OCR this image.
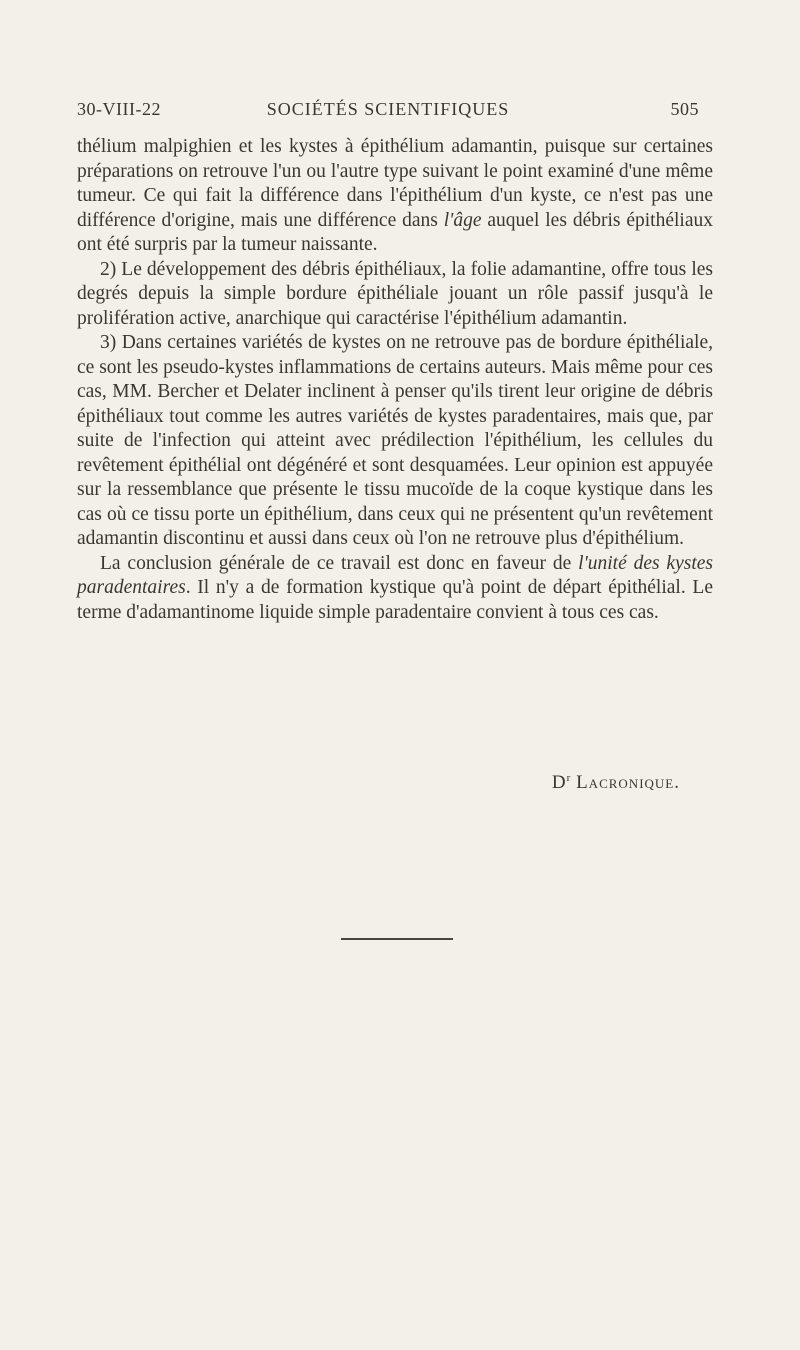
30-VIII-22	SOCIÉTÉS SCIENTIFIQUES	505

thélium malpighien et les kystes à épithélium adamantin, puisque sur certaines préparations on retrouve l'un ou l'autre type suivant le point examiné d'une même tumeur. Ce qui fait la différence dans l'épithélium d'un kyste, ce n'est pas une différence d'origine, mais une différence dans l'âge auquel les débris épithéliaux ont été surpris par la tumeur naissante.

2) Le développement des débris épithéliaux, la folie adamantine, offre tous les degrés depuis la simple bordure épithéliale jouant un rôle passif jusqu'à le prolifération active, anarchique qui caractérise l'épithélium adamantin.

3) Dans certaines variétés de kystes on ne retrouve pas de bordure épithéliale, ce sont les pseudo-kystes inflammations de certains auteurs. Mais même pour ces cas, MM. Bercher et Delater inclinent à penser qu'ils tirent leur origine de débris épithéliaux tout comme les autres variétés de kystes paradentaires, mais que, par suite de l'infection qui atteint avec prédilection l'épithélium, les cellules du revêtement épithélial ont dégénéré et sont desquamées. Leur opinion est appuyée sur la ressemblance que présente le tissu mucoïde de la coque kystique dans les cas où ce tissu porte un épithélium, dans ceux qui ne présentent qu'un revêtement adamantin discontinu et aussi dans ceux où l'on ne retrouve plus d'épithélium.

La conclusion générale de ce travail est donc en faveur de l'unité des kystes paradentaires. Il n'y a de formation kystique qu'à point de départ épithélial. Le terme d'adamantinome liquide simple paradentaire convient à tous ces cas.

$D^r$ Lacronique.
